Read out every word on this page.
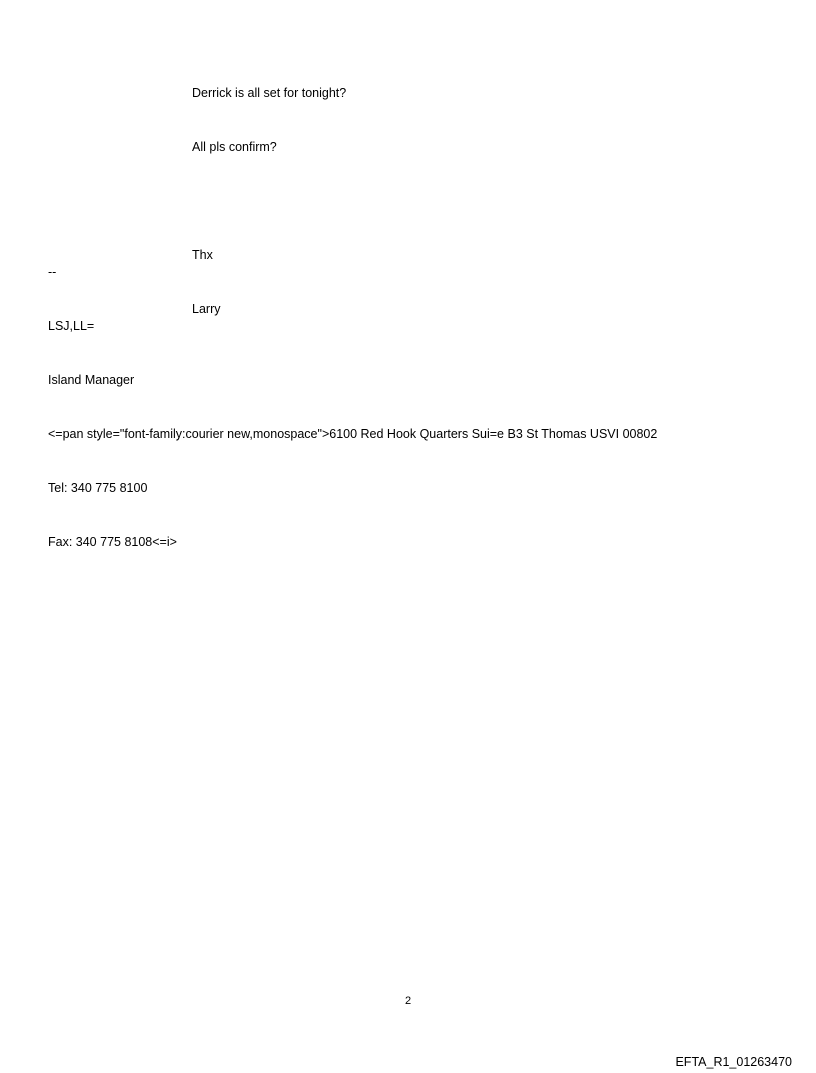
Derrick is all set for tonight?

All pls confirm?

Thx

Larry

--

LSJ,LL=

Island Manager

<=pan style="font-family:courier new,monospace">6100 Red Hook Quarters Sui=e B3 St Thomas USVI 00802

Tel: 340 775 8100

Fax: 340 775 8108<=i>

2
EFTA_R1_01263470
